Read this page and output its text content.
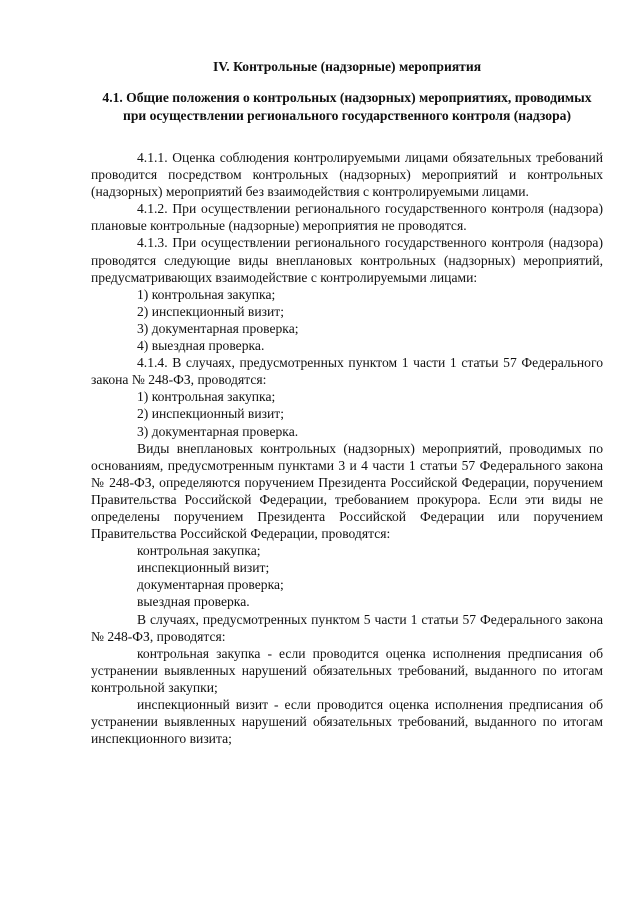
IV. Контрольные (надзорные) мероприятия
4.1. Общие положения о контрольных (надзорных) мероприятиях, проводимых при осуществлении регионального государственного контроля (надзора)

4.1.1. Оценка соблюдения контролируемыми лицами обязательных требований проводится посредством контрольных (надзорных) мероприятий и контрольных (надзорных) мероприятий без взаимодействия с контролируемыми лицами.

4.1.2. При осуществлении регионального государственного контроля (надзора) плановые контрольные (надзорные) мероприятия не проводятся.

4.1.3. При осуществлении регионального государственного контроля (надзора) проводятся следующие виды внеплановых контрольных (надзорных) мероприятий, предусматривающих взаимодействие с контролируемыми лицами:

1) контрольная закупка;
2) инспекционный визит;
3) документарная проверка;
4) выездная проверка.

4.1.4. В случаях, предусмотренных пунктом 1 части 1 статьи 57 Федерального закона № 248-ФЗ, проводятся:

1) контрольная закупка;
2) инспекционный визит;
3) документарная проверка.

Виды внеплановых контрольных (надзорных) мероприятий, проводимых по основаниям, предусмотренным пунктами 3 и 4 части 1 статьи 57 Федерального закона № 248-ФЗ, определяются поручением Президента Российской Федерации, поручением Правительства Российской Федерации, требованием прокурора. Если эти виды не определены поручением Президента Российской Федерации или поручением Правительства Российской Федерации, проводятся:

контрольная закупка;
инспекционный визит;
документарная проверка;
выездная проверка.

В случаях, предусмотренных пунктом 5 части 1 статьи 57 Федерального закона № 248-ФЗ, проводятся:

контрольная закупка - если проводится оценка исполнения предписания об устранении выявленных нарушений обязательных требований, выданного по итогам контрольной закупки;

инспекционный визит - если проводится оценка исполнения предписания об устранении выявленных нарушений обязательных требований, выданного по итогам инспекционного визита;
